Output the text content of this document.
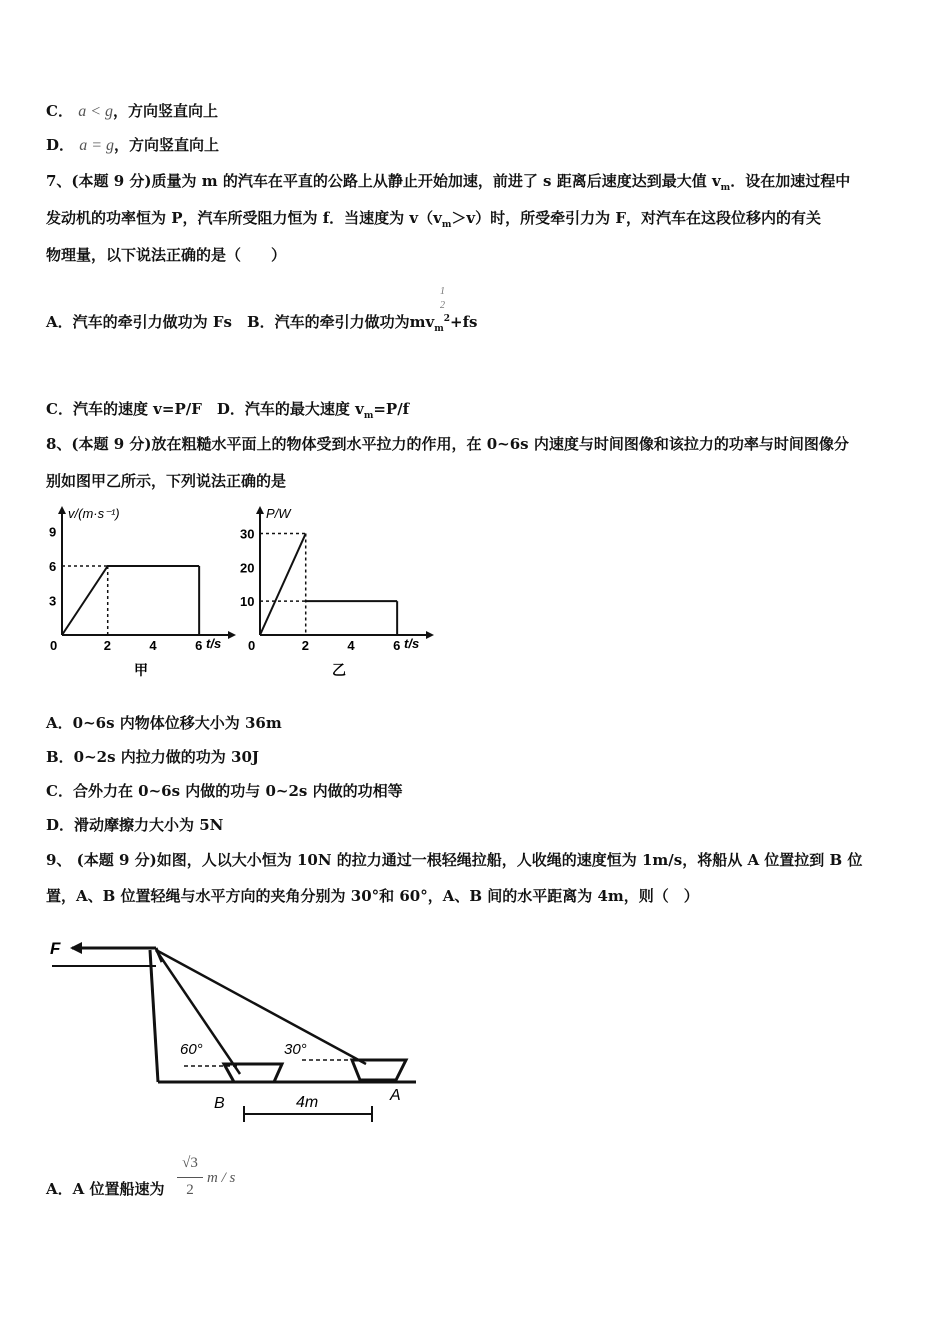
C． a < g，方向竖直向上
D． a = g，方向竖直向上
7、(本题 9 分)质量为 m 的汽车在平直的公路上从静止开始加速，前进了 s 距离后速度达到最大值 $v_m$．设在加速过程中
发动机的功率恒为 P，汽车所受阻力恒为 f．当速度为 $v(v_m>v)$时，所受牵引力为 F，对汽车在这段位移内的有关
物理量，以下说法正确的是（　　）
1
2
A．汽车的牵引力做功为 Fs　B．汽车的牵引力做功为$mv_m^2+fs$
C．汽车的速度 v=P/F　D．汽车的最大速度 $v_m=P/f$
8、(本题 9 分)放在粗糙水平面上的物体受到水平拉力的作用，在 0~6s 内速度与时间图像和该拉力的功率与时间图像分
别如图甲乙所示，下列说法正确的是
v/(m·s⁻¹)
t/s
0	2	4	6
3
6
9
甲
P/W
t/s
0	2	4	6
10
20
30
乙
A．0~6s 内物体位移大小为 36m
B．0~2s 内拉力做的功为 30J
C．合外力在 0~6s 内做的功与 0~2s 内做的功相等
D．滑动摩擦力大小为 5N
9、 (本题 9 分)如图，人以大小恒为 10N 的拉力通过一根轻绳拉船，人收绳的速度恒为 1m/s，将船从 A 位置拉到 B 位
置，A、B 位置轻绳与水平方向的夹角分别为 30°和 60°，A、B 间的水平距离为 4m，则（　）
F
60°	30°
B	A
4m
A．A 位置船速为
√3
2
m / s
